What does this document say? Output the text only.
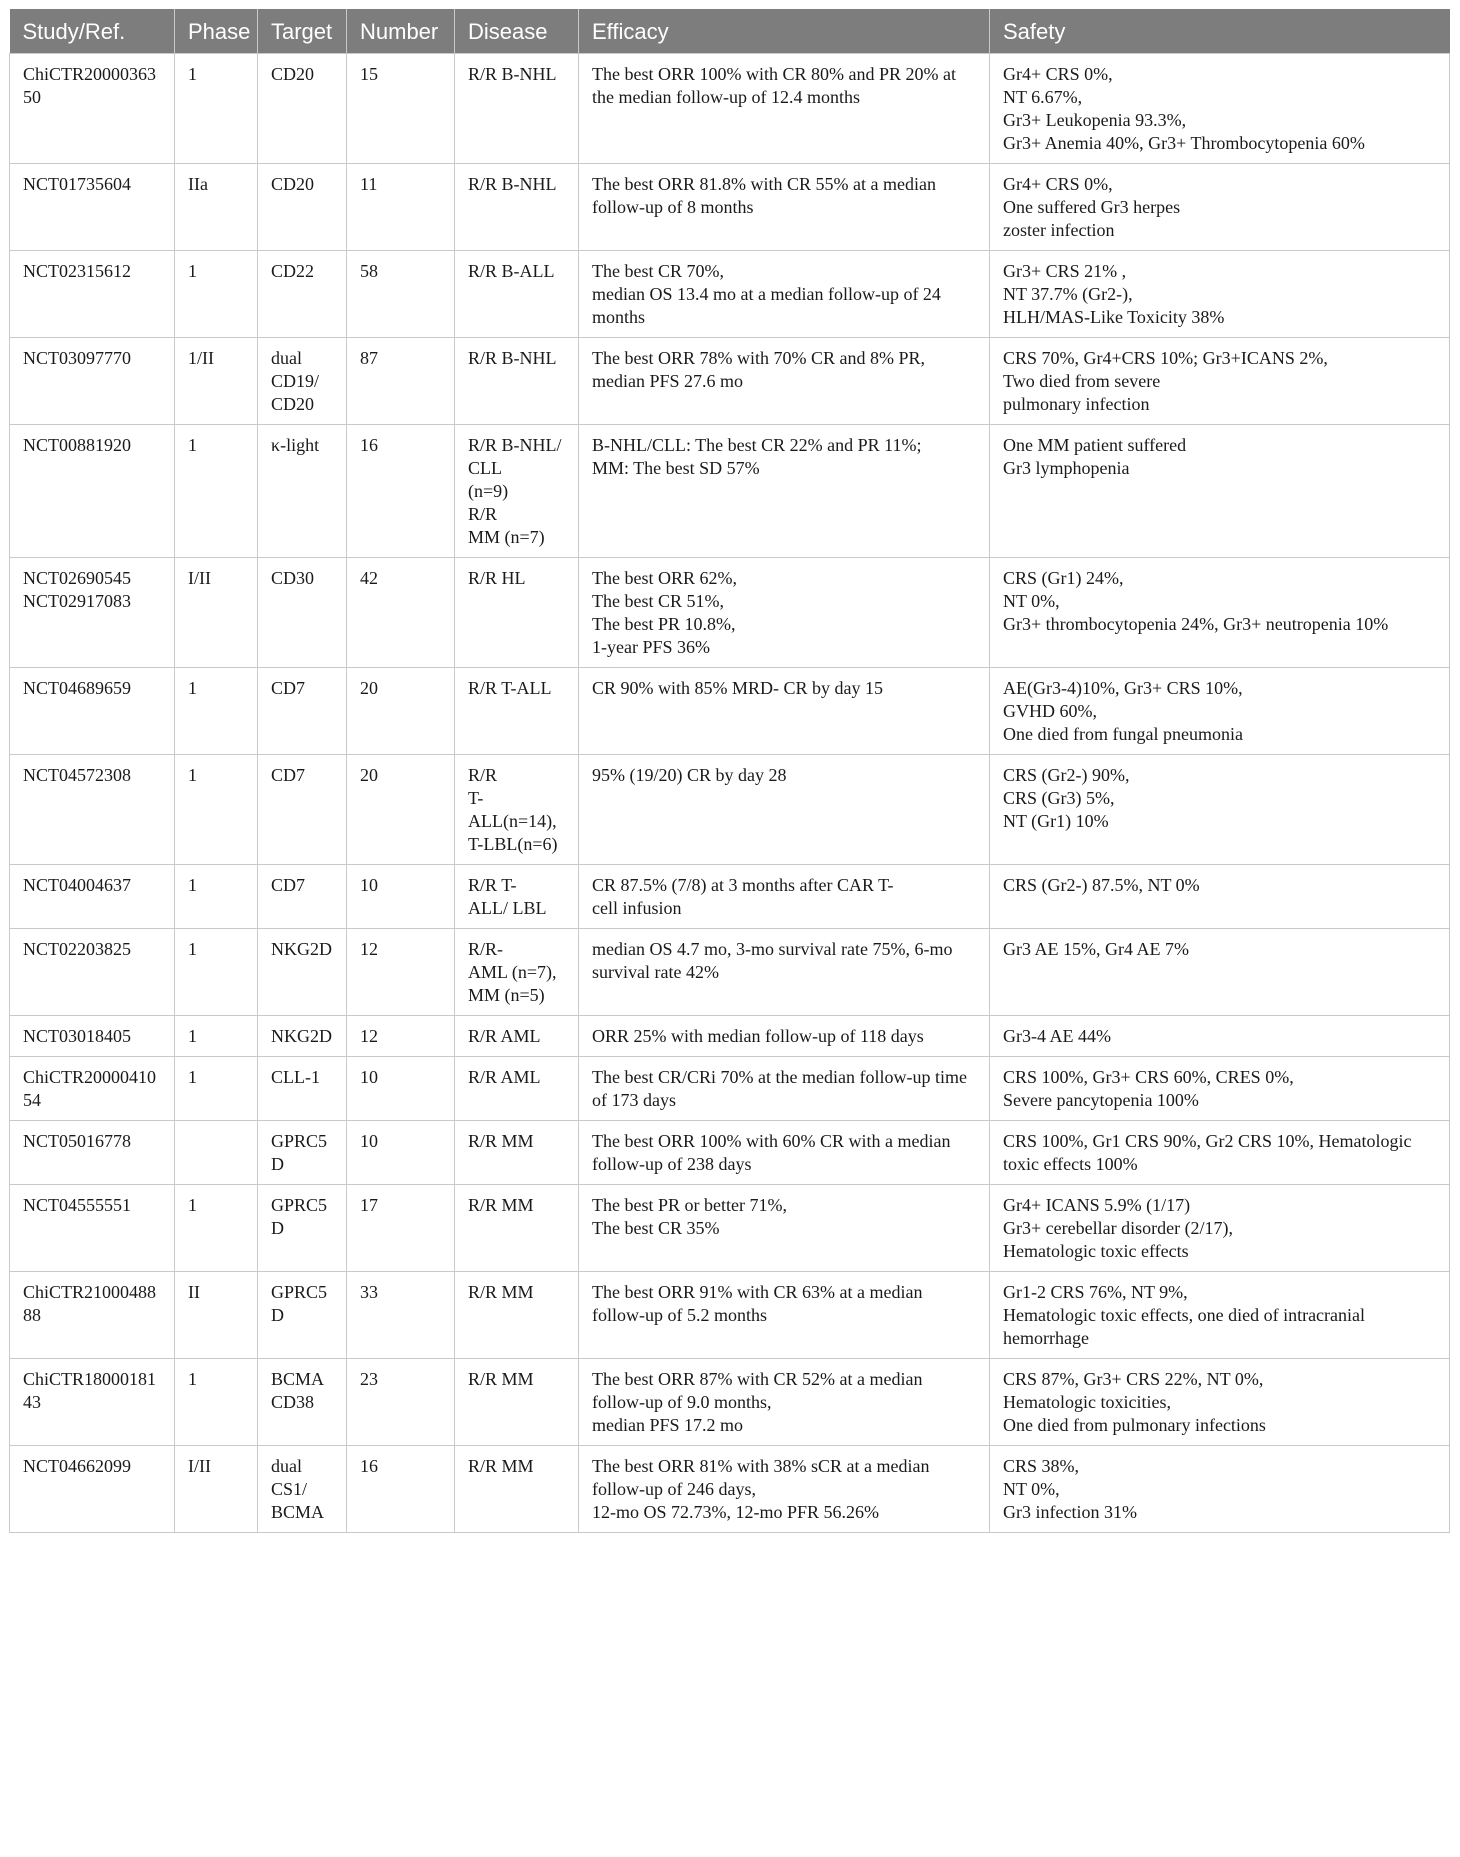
Study/Ref.	Phase	Target	Number	Disease	Efficacy	Safety
ChiCTR2000036350	1	CD20	15	R/R B-NHL	The best ORR 100% with CR 80% and PR 20% at the median follow-up of 12.4 months	Gr4+ CRS 0%,
NT 6.67%,
Gr3+ Leukopenia 93.3%,
Gr3+ Anemia 40%, Gr3+ Thrombocytopenia 60%
NCT01735604	IIa	CD20	11	R/R B-NHL	The best ORR 81.8% with CR 55% at a median follow-up of 8 months	Gr4+ CRS 0%,
One suffered Gr3 herpes
zoster infection
NCT02315612	1	CD22	58	R/R B-ALL	The best CR 70%,
median OS 13.4 mo at a median follow-up of 24 months	Gr3+ CRS 21% ,
NT 37.7% (Gr2-),
HLH/MAS-Like Toxicity 38%
NCT03097770	1/II	dual
CD19/
CD20	87	R/R B-NHL	The best ORR 78% with 70% CR and 8% PR, median PFS 27.6 mo	CRS 70%, Gr4+CRS 10%; Gr3+ICANS 2%,
Two died from severe
pulmonary infection
NCT00881920	1	κ-light	16	R/R B-NHL/
CLL
(n=9)
R/R
MM (n=7)	B-NHL/CLL: The best CR 22% and PR 11%;
MM: The best SD 57%	One MM patient suffered
Gr3 lymphopenia
NCT02690545
NCT02917083	I/II	CD30	42	R/R HL	The best ORR 62%,
The best CR 51%,
The best PR 10.8%,
1-year PFS 36%	CRS (Gr1) 24%,
NT 0%,
Gr3+ thrombocytopenia 24%, Gr3+ neutropenia 10%
NCT04689659	1	CD7	20	R/R T-ALL	CR 90% with 85% MRD- CR by day 15	AE(Gr3-4)10%, Gr3+ CRS 10%,
GVHD 60%,
One died from fungal pneumonia
NCT04572308	1	CD7	20	R/R
T-ALL(n=14),
T-LBL(n=6)	95% (19/20) CR by day 28	CRS (Gr2-) 90%,
CRS (Gr3) 5%,
NT (Gr1) 10%
NCT04004637	1	CD7	10	R/R T-
ALL/ LBL	CR 87.5% (7/8) at 3 months after CAR T-
cell infusion	CRS (Gr2-) 87.5%, NT 0%
NCT02203825	1	NKG2D	12	R/R-
AML (n=7),
MM (n=5)	median OS 4.7 mo, 3-mo survival rate 75%, 6-mo survival rate 42%	Gr3 AE 15%, Gr4 AE 7%
NCT03018405	1	NKG2D	12	R/R AML	ORR 25% with median follow-up of 118 days	Gr3-4 AE 44%
ChiCTR2000041054	1	CLL-1	10	R/R AML	The best CR/CRi 70% at the median follow-up time of 173 days	CRS 100%, Gr3+ CRS 60%, CRES 0%,
Severe pancytopenia 100%
NCT05016778		GPRC5D	10	R/R MM	The best ORR 100% with 60% CR with a median follow-up of 238 days	CRS 100%, Gr1 CRS 90%, Gr2 CRS 10%, Hematologic toxic effects 100%
NCT04555551	1	GPRC5D	17	R/R MM	The best PR or better 71%,
The best CR 35%	Gr4+ ICANS 5.9% (1/17)
Gr3+ cerebellar disorder (2/17),
Hematologic toxic effects
ChiCTR2100048888	II	GPRC5D	33	R/R MM	The best ORR 91% with CR 63% at a median follow-up of 5.2 months	Gr1-2 CRS 76%, NT 9%,
Hematologic toxic effects, one died of intracranial hemorrhage
ChiCTR1800018143	1	BCMA
CD38	23	R/R MM	The best ORR 87% with CR 52% at a median follow-up of 9.0 months,
median PFS 17.2 mo	CRS 87%, Gr3+ CRS 22%, NT 0%,
Hematologic toxicities,
One died from pulmonary infections
NCT04662099	I/II	dual
CS1/
BCMA	16	R/R MM	The best ORR 81% with 38% sCR at a median follow-up of 246 days,
12-mo OS 72.73%, 12-mo PFR 56.26%	CRS 38%,
NT 0%,
Gr3 infection 31%
